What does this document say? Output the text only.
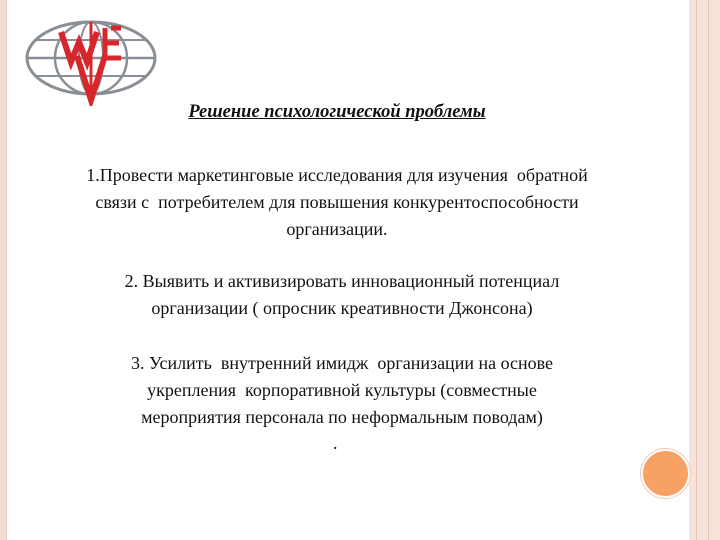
Решение психологической проблемы
1.Провести маркетинговые исследования для изучения  обратной
связи с  потребителем для повышения конкурентоспособности
организации.
2. Выявить и активизировать инновационный потенциал
организации ( опросник креативности Джонсона)
3. Усилить  внутренний имидж  организации на основе
укрепления  корпоративной культуры (совместные
мероприятия персонала по неформальным поводам)
.
